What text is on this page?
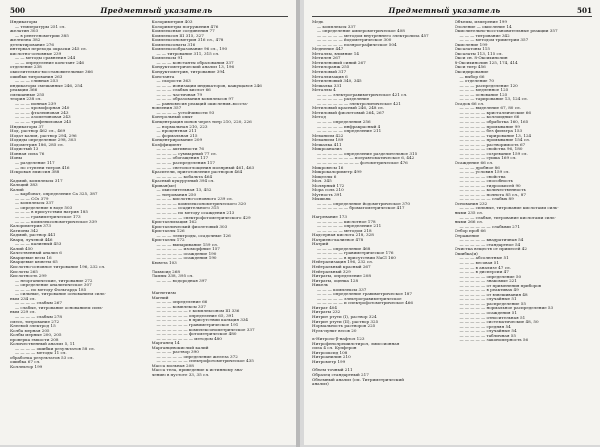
500	Предметный указатель
Индикаторы
— температуры 251 сл.
желатин 303
— в рентгенометрии 385
желтизна 382
детектирование 276
интервал перехода окраски 245 сл.
кислотно-основные 239
— — методы сравнения 244
— — определение констант 246
отделение 238
окислительно-восстановительные 366
ошибки титрования 263
— — — сливная 253
индикаторы смешанные 246, 254
реакции 366
смешанные 255
теория 238 сл.
— — — ионная 239
— — — хромофорная 240
— — — фталеиновая 243
— — — азометиновая 243
— — — трифениловая 245
Индикаторы 37
Иод, раствор 462 сл., 469
Иодат калия, раствор 294, 296
Иодиды определение 298, 303
Иодометрия 186, 285 сл.
Иодистый 13
Ионная сила 76
Ионы
— разделение 117
— по ступени титров 416
Искровая эмиссия 388
Кадмий, комплексы 317
Кальций 383
Калий
— карбонат, определение Са 325, 387
— — — СО₂ 379
— комплексы 337
— определение в воде 503
— — — в присутствии натрия 185
— — — гравиметрическое 173
— — — комплексонометрическое 339
Калориметрия 373
Катионы 342
Кадмий, раствор 441
Кварц, лучевой 446
— — — калиевый 453
Калий 450
Качественный анализ 6
Кварцевые весы 16
Кварцевые кюветы 65
Кислотно-основное титрование 196, 232 сл.
Кислоты 265
Кислотность 299
— неорганические, титрование 272
— определение аналитическое 307
— — — по методу Фольгарда 185
— сильные, титрование основанием силь-
ным 234 сл.
— — — — слабым 267
— слабые, титрование основанием силь-
ным 229 сл.
— — — — слабым 278
смесь, титрование 272
Клеевой электрод 15
Колба мерная 205
Колбы мерные 200, 205
проверка емкости 208
Количественный анализ 5, 11
— — — — ошибки результатов 58 сл.
— — — — методы 11 сл.
обработка результатов 53 сл.
ошибка 67 сл.
Коллектор 199
Колориметрия 403
Колориметры погружения 476
Комплексные соединения 77
Комплексон III 315, 327
Комплексонометрия 316 сл., 478
Комплексонаты 316
Комплексообразование 96 сл., 190
— — титрование 311, 315 сл.
Комплексы 91
— — — константы образования 337
Кондуктометрический анализ 13, 196
Кондуктометрия, титрование 394
Константа
— скорости 363
— — — ионизации индикаторов, кажущаяся 246
— — — слабых кислот 66
— — — частичная 79
— — — образования комплексов 97
— равновесия реакций окисления–восста-
новления 357
— — — — устойчивости 93
Контрольный опыт
Концентрация ионов через титр 210, 220, 226
— нормальная 210, 223
— процентная 211
— формальная 215
Концентрирование 209
Коэффициент
— — — активности 76
— — — — суммарный 77 сл.
— — — обогащения 117
— — — распределения 117
— — — светопоглощения молярный 461, 463
Красители, приготовление растворов 464
— — — — — кобальта 464
Красный кукурузный 394 сл.
Кривая(ые)
— окислительная 13, 452
— титрования 250
— — — кислотно-основного 239 сл.
— — — — комплексонометрического 320
— — — — осадительного 315
— — — — по методу осаждения 213
— — — — — спектрофотометрического 429
Кристаллизация 162
Кристаллический фиолетовый 303
Кристаллы 126
— — — электроды, осадочные 126
Кристаллы 172
— — — выпаривание 159 сл.
— — — — — изоморфные 157
— — — — — осаждение 190
— — — — — осаждения 190
Кювета 103
Лакмоид 268
Лампы 338, 395 сл.
— — — водородная 397
Магнетизм
Магний
— — — определение 66
— — — комплексы 337
— — — — — — с комплексоном III 336
— — — — — — определение 65, 391
— — — — — — в присутствии кальция 334
— — — — — — гравиметрическое 191
— — — — — — комплексонометрическое 337
— — — — — — фотометрическое 480
— — — — — — — методом 480
Марганец 14
Марганцевокислый калий
— — — раствор 390
— — — — — определение железа 372
— — — — — — спектрофотометрическое 435
Масса мольная 208
Масса тела, приведение к истинному зна-
чению в пустоте 33, 35 сл.
Предметный указатель	501
Медь
— комплексы 337
— определение амперометрическое 408
— — — — — методом внутреннего электролиза 457
— — — — — йодометрическое 300
— — — — — полярографическое 504
Меднение 447
Металлы, влияние 14
Метилен 267
Метиленовый синий 267
Метилоранж 255
Метиловый 317
Металлизация 6
Метиленовый 340, 345
Мешалка 331
Металлы 4
— — — электрогравиметрическое 421 сл.
— — — — — разделение
— — — — — — электролитическое 421
Метиловый красный 246, 248 сл.
Метиловый фиолетовый 264, 267
Метод
— — — определения 256
— — — — — инфракрасный 4
— — — — — определение 211
Механизм 422
Механизм 189
Мешалка 411
Микроанализ
— — — — — определение разделительное 315
— — — — — — — полуавтоматическое 6, 442
— — — — — — — — фотометрическое 476
Микровесы 16
Микрокалориметр 499
Мицеллы 6
Мол. 345
Молярный 172
Мора соль 210
Мутность 391
Мышьяк
— — — определение йодометрическое 370
— — — — — — броматометрическое 417
Нагревание 173
— — — — — кислотное 178
— — — — — определение 211
— — — — — методом 218
Надсерная кислота 218, 328
Натриево-калиевое 478
Натрий
— — — определение 468
— — — — — гравиметрическое 176
— — — — — в присутствии NaCl 160
Нейтрализация 196, 232 сл.
Нейтральный красный 267
Нейтральный 329
Нитраты, определение 208
Нитраты, оценка 128
Никель
— — — комплексы 337
— — — определение гравиметрическое 187
— — — — — электрогравиметрическое
— — — — — и спектрофотометрическое 466
Нитрат 404
Нитраты 232
Нитрит ртути (I), раствор 324
Нитрит ртути (II), раствор 325
Нормальность растворов 225
Нуль-пункт весов 20
α-Нитрозо-β-нафтол 123
Нитрофенолрешилстирол, эмиссионная
сила 4 сл. Купферон
Нитрооксид 108
Нитроанилин 210
Нитрометр 199
Объем точный 211
Образец стандартный 217
Объемный анализ (см. Титриметрический
анализ)
Объемы, измерение 199
Озоление — окисление 14
Окислительно-восстановительные реакции 357
— — — титрование 342
— — — методом триметрии 357
Окисление 199
Оксалатоны 115
Оксалаты 113, 115 сл.
Окси сн. 8-Оксихинолин
8-Оксихинолин 125, 174, 414
Окси титр 456
Оксидирование
— выбор 66
— отделение 70
— — — распределение 120
— — — медленное 125
— — — основание 125
— — — тарирование 13, 124 сл.
Осадок 66 сл.
— — — выделение 67, 80 сл.
— — — — — кристаллические 66
— — — — — коллоидные 66
— — — — — обработка 160, 165
— — — — — промывание 99
— — — — — без фильтра 153
— — — — — тарирование 13, 124
— — — — — промывание 154 сл.
— — — — — растворимость 67
— — — — — свойства 96, 180
— — — — — созревание 159 сл.
— — — — — сушка 169 сл.
Осаждение 66 сл.
— — — дробное 86
— — — условия 159 сл.
— — — — — свойства
— — — — — способность
— — — — — гидроокисей 90
— — — — — количественность
— — — — — полнота 85 сл., 87
— — — — — — слабых 89
Основания 232
— — — сильные, титрование кислотами силь-
ными 235 сл.
— — — слабые, титрование кислотами силь-
ными 266 сл.
— — — — — — слабыми 271
Отбор проб 66
Отражение
— — — — — квадратичная 54
— — — — — стандартное 54
Очистка веществ от примесей 42
Ошибка(и)
— — — абсолютные 51
— — — весовая 51
— — — в анализе 47 сл.
— — — в дисперсии 47
— — — — — определение 50
— — — — — знакомые 221
— — — — — от применения приборов
— — — — — в реактивах 49
— — — — — от взвешивания 48
— — — — — случайные 51
— — — — — распределение 55
— — — — — нормальное распределение 53
— — — — — осаждения 51
— — — — — относительная 51
— — — — — систематические 48, 50
— — — — — средняя 54
— — — — — случайные 54
— — — — — табличная 55
— — — — — закономерность 56
